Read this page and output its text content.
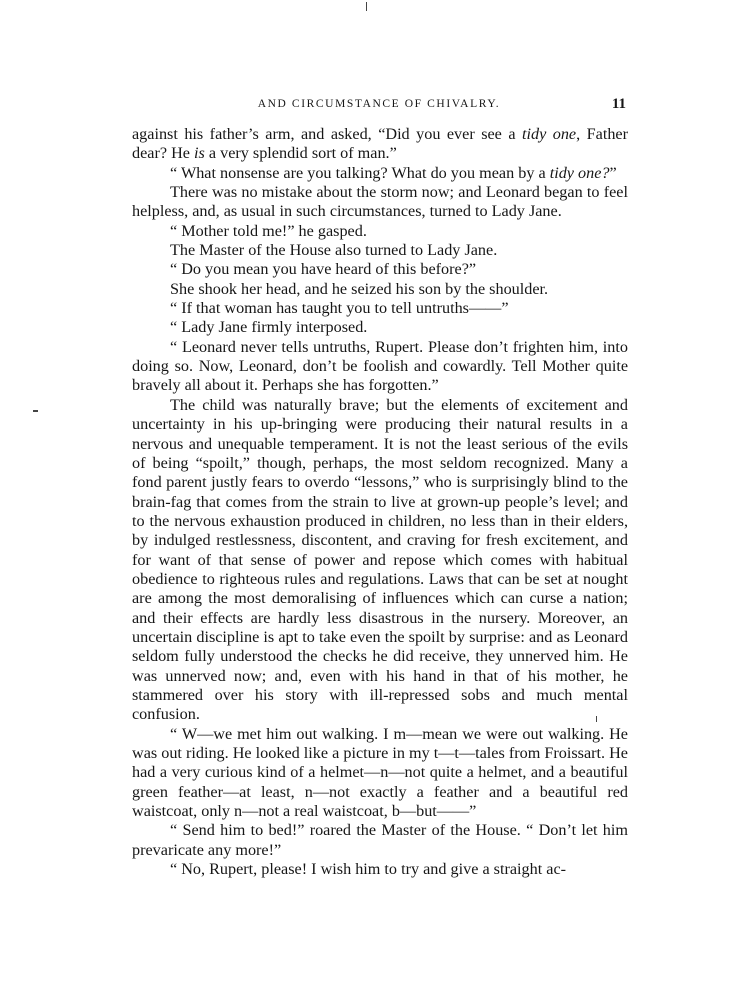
AND CIRCUMSTANCE OF CHIVALRY.	11

against his father’s arm, and asked, “Did you ever see a tidy one, Father dear? He is a very splendid sort of man.”

“ What nonsense are you talking? What do you mean by a tidy one?”

There was no mistake about the storm now; and Leonard began to feel helpless, and, as usual in such circumstances, turned to Lady Jane.

“ Mother told me!” he gasped.

The Master of the House also turned to Lady Jane.

“ Do you mean you have heard of this before?”

She shook her head, and he seized his son by the shoulder.

“ If that woman has taught you to tell untruths——”

“ Lady Jane firmly interposed.

“ Leonard never tells untruths, Rupert. Please don’t frighten him, into doing so. Now, Leonard, don’t be foolish and cowardly. Tell Mother quite bravely all about it. Perhaps she has forgotten.”

The child was naturally brave; but the elements of excitement and uncertainty in his up-bringing were producing their natural results in a nervous and unequable temperament. It is not the least serious of the evils of being “spoilt,” though, perhaps, the most seldom recognized. Many a fond parent justly fears to overdo “lessons,” who is surprisingly blind to the brain-fag that comes from the strain to live at grown-up people’s level; and to the nervous exhaustion produced in children, no less than in their elders, by indulged restlessness, discontent, and craving for fresh excitement, and for want of that sense of power and repose which comes with habitual obedience to righteous rules and regulations. Laws that can be set at nought are among the most demoralising of influences which can curse a nation; and their effects are hardly less disastrous in the nursery. Moreover, an uncertain discipline is apt to take even the spoilt by surprise: and as Leonard seldom fully understood the checks he did receive, they unnerved him. He was unnerved now; and, even with his hand in that of his mother, he stammered over his story with ill-repressed sobs and much mental confusion.

“ W—we met him out walking. I m—mean we were out walking. He was out riding. He looked like a picture in my t—t—tales from Froissart. He had a very curious kind of a helmet—n—not quite a helmet, and a beautiful green feather—at least, n—not exactly a feather and a beautiful red waistcoat, only n—not a real waistcoat, b—but——”

“ Send him to bed!” roared the Master of the House. “ Don’t let him prevaricate any more!”

“ No, Rupert, please! I wish him to try and give a straight ac-
